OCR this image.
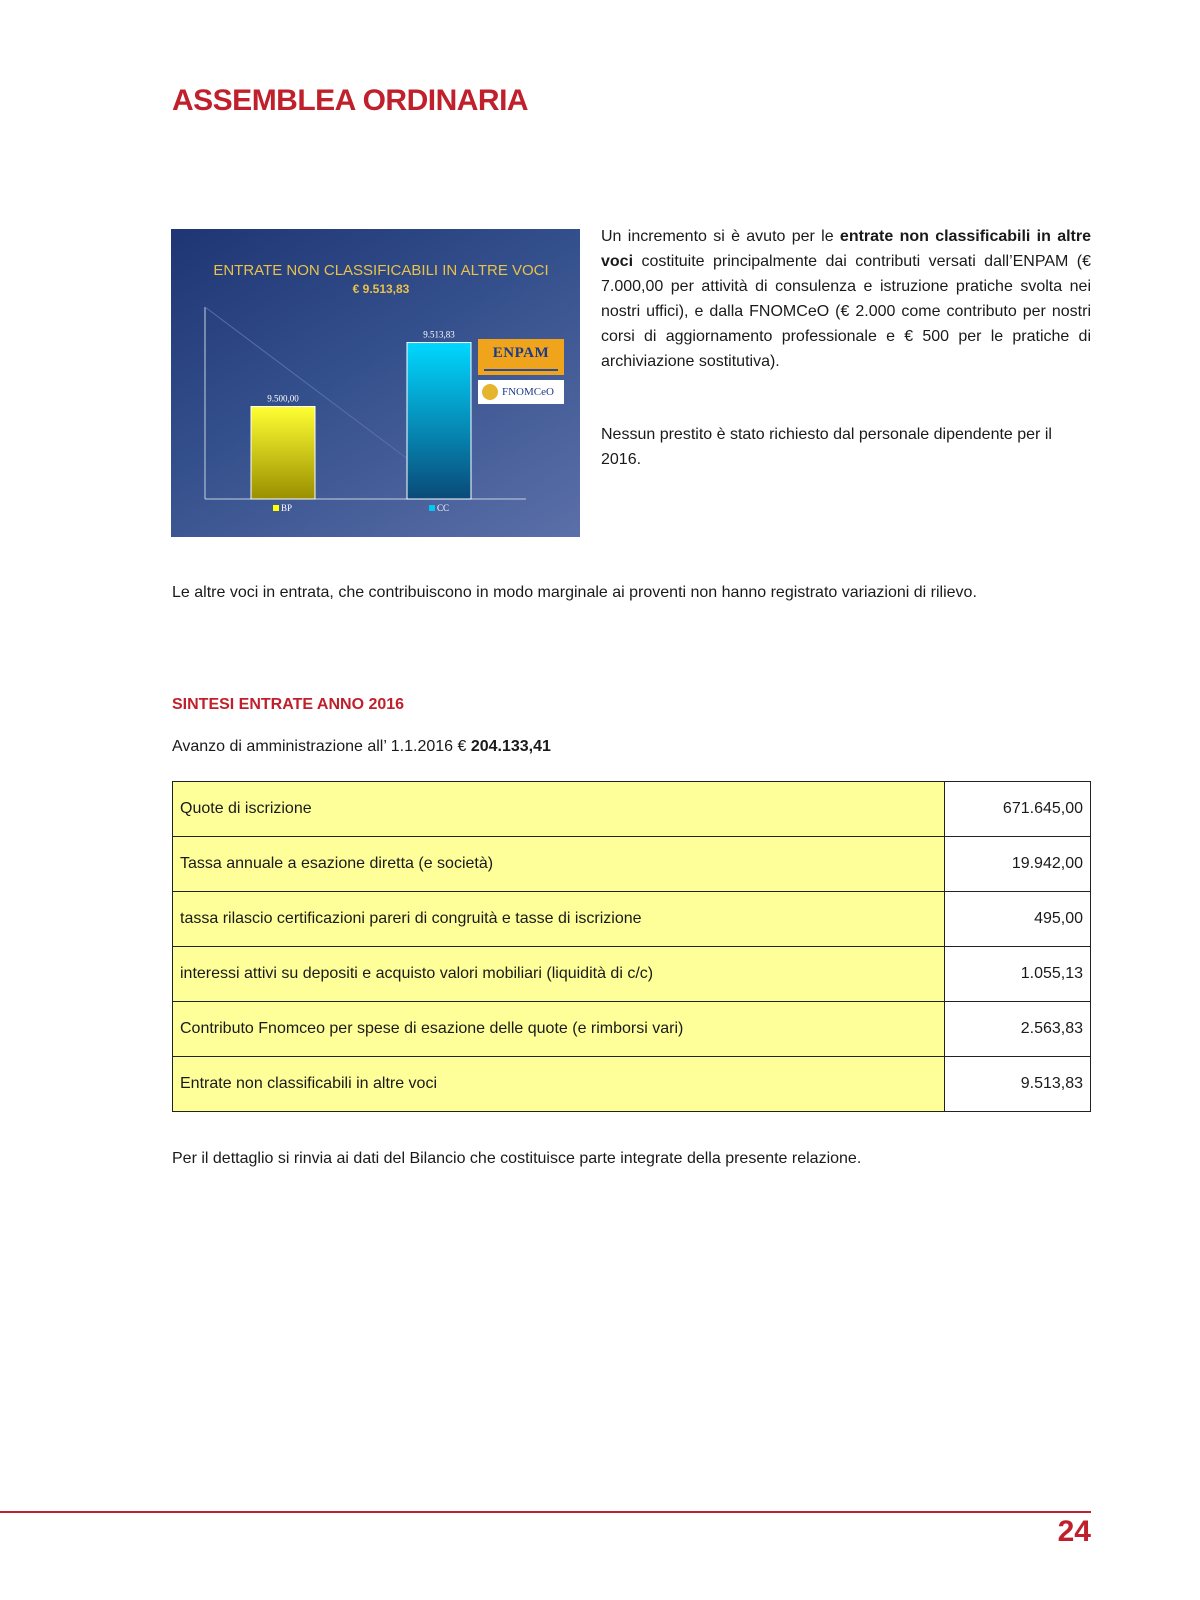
ASSEMBLEA ORDINARIA
ENTRATE NON CLASSIFICABILI IN ALTRE VOCI
€ 9.513,83
9.500,00
BP
9.513,83
CC
ENPAM
FNOMCeO

Un incremento si è avuto per le entrate non classificabili in altre voci costituite principalmente dai contributi versati dall’ENPAM (€ 7.000,00 per attività di consulenza e istruzione pratiche svolta nei nostri uffici), e dalla FNOMCeO (€ 2.000 come contributo per nostri corsi di aggiornamento professionale e € 500 per le pratiche di archiviazione sostitutiva).

Nessun prestito è stato richiesto dal personale dipendente per il 2016.

Le altre voci in entrata, che contribuiscono in modo marginale ai proventi non hanno registrato variazioni di rilievo.

SINTESI ENTRATE ANNO 2016

Avanzo di amministrazione all’ 1.1.2016 € 204.133,41

Quote di iscrizione	671.645,00
Tassa annuale a esazione diretta (e società)	19.942,00
tassa rilascio certificazioni pareri di congruità e tasse di iscrizione	495,00
interessi attivi su depositi e acquisto valori mobiliari (liquidità di c/c)	1.055,13
Contributo Fnomceo per spese di esazione delle quote (e rimborsi vari)	2.563,83
Entrate non classificabili in altre voci	9.513,83

Per il dettaglio si rinvia ai dati del Bilancio che costituisce parte integrate della presente relazione.

24
